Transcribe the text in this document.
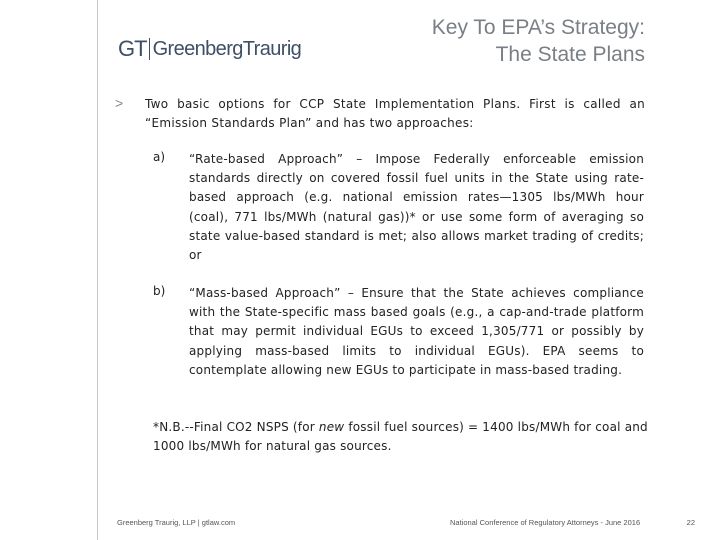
GT GreenbergTraurig
Key To EPA’s Strategy:
The State Plans
> Two basic options for CCP State Implementation Plans. First is called an “Emission Standards Plan” and has two approaches:
a) “Rate-based Approach” – Impose Federally enforceable emission standards directly on covered fossil fuel units in the State using rate-based approach (e.g. national emission rates—1305 lbs/MWh hour (coal), 771 lbs/MWh (natural gas))* or use some form of averaging so state value-based standard is met; also allows market trading of credits; or
b) “Mass-based Approach” – Ensure that the State achieves compliance with the State-specific mass based goals (e.g., a cap-and-trade platform that may permit individual EGUs to exceed 1,305/771 or possibly by applying mass-based limits to individual EGUs). EPA seems to contemplate allowing new EGUs to participate in mass-based trading.
*N.B.--Final CO2 NSPS (for new fossil fuel sources) = 1400 lbs/MWh for coal and 1000 lbs/MWh for natural gas sources.
Greenberg Traurig, LLP | gtlaw.com	National Conference of Regulatory Attorneys - June 2016	22
